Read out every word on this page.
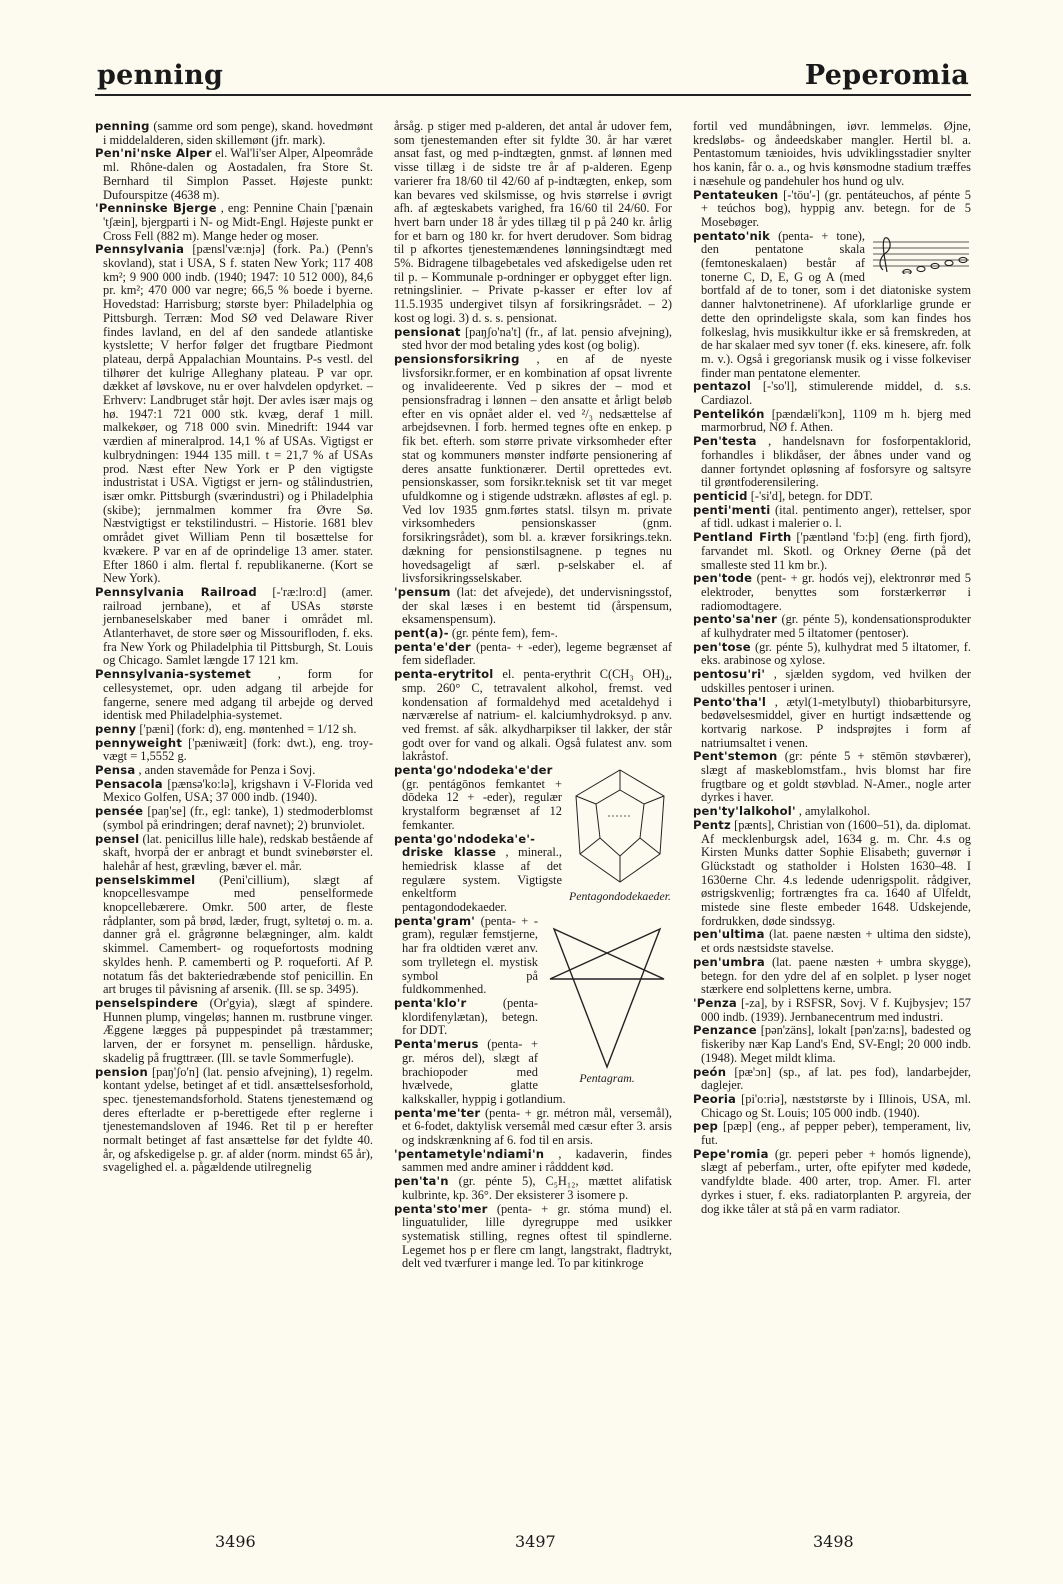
penning	Peperomia

penning (samme ord som penge), skand. hovedmønt i middelalderen, siden skillemønt (jfr. mark).

Pen'ni'nske Alper el. Wal'li'ser Alper, Alpeområde ml. Rhône-dalen og Aostadalen, fra Store St. Bernhard til Simplon Passet. Højeste punkt: Dufourspitze (4638 m).

'Penninske Bjerge , eng: Pennine Chain ['pænain 'tʃæin], bjergparti i N- og Midt-Engl. Højeste punkt er Cross Fell (882 m). Mange heder og moser.

Pennsylvania [pænsl'væ:njə] (fork. Pa.) (Penn's skovland), stat i USA, S f. staten New York; 117 408 km²; 9 900 000 indb. (1940; 1947: 10 512 000), 84,6 pr. km²; 470 000 var negre; 66,5 % boede i byerne. Hovedstad: Harrisburg; største byer: Philadelphia og Pittsburgh. Terræn: Mod SØ ved Delaware River findes lavland, en del af den sandede atlantiske kystslette; V herfor følger det frugtbare Piedmont plateau, derpå Appalachian Mountains. P-s vestl. del tilhører det kulrige Alleghany plateau. P var opr. dækket af løvskove, nu er over halvdelen opdyrket. – Erhverv: Landbruget står højt. Der avles især majs og hø. 1947:1 721 000 stk. kvæg, deraf 1 mill. malkekøer, og 718 000 svin. Minedrift: 1944 var værdien af mineralprod. 14,1 % af USAs. Vigtigst er kulbrydningen: 1944 135 mill. t = 21,7 % af USAs prod. Næst efter New York er P den vigtigste industristat i USA. Vigtigst er jern- og stålindustrien, især omkr. Pittsburgh (sværindustri) og i Philadelphia (skibe); jernmalmen kommer fra Øvre Sø. Næstvigtigst er tekstilindustri. – Historie. 1681 blev området givet William Penn til bosættelse for kvækere. P var en af de oprindelige 13 amer. stater. Efter 1860 i alm. flertal f. republikanerne. (Kort se New York).

Pennsylvania Railroad [-'ræ:lro:d] (amer. railroad jernbane), et af USAs største jernbaneselskaber med baner i området ml. Atlanterhavet, de store søer og Missourifloden, f. eks. fra New York og Philadelphia til Pittsburgh, St. Louis og Chicago. Samlet længde 17 121 km.

Pennsylvania-systemet , form for cellesystemet, opr. uden adgang til arbejde for fangerne, senere med adgang til arbejde og derved identisk med Philadelphia-systemet.

penny ['pæni] (fork: d), eng. møntenhed = 1/12 sh.

pennyweight ['pæniwæit] (fork: dwt.), eng. troy-vægt = 1,5552 g.

Pensa , anden stavemåde for Penza i Sovj.

Pensacola [pænsə'ko:lə], krigshavn i V-Florida ved Mexico Golfen, USA; 37 000 indb. (1940).

pensée [paŋ'se] (fr., egl: tanke), 1) stedmoderblomst (symbol på erindringen; deraf navnet); 2) brunviolet.

pensel (lat. penicillus lille hale), redskab bestående af skaft, hvorpå der er anbragt et bundt svinebørster el. halehår af hest, grævling, bæver el. mår.

penselskimmel (Peni'cillium), slægt af knopcellesvampe med penselformede knopcellebærere. Omkr. 500 arter, de fleste rådplanter, som på brød, læder, frugt, syltetøj o. m. a. danner grå el. grågrønne belægninger, alm. kaldt skimmel. Camembert- og roquefortosts modning skyldes henh. P. camemberti og P. roqueforti. Af P. notatum fås det bakteriedræbende stof penicillin. En art bruges til påvisning af arsenik. (Ill. se sp. 3495).

penselspindere (Or'gyia), slægt af spindere. Hunnen plump, vingeløs; hannen m. rustbrune vinger. Æggene lægges på puppespindet på træstammer; larven, der er forsynet m. pensellign. hårduske, skadelig på frugttræer. (Ill. se tavle Sommerfugle).

pension [paŋ'ʃo'n] (lat. pensio afvejning), 1) regelm. kontant ydelse, betinget af et tidl. ansættelsesforhold, spec. tjenestemandsforhold. Statens tjenestemænd og deres efterladte er p-berettigede efter reglerne i tjenestemandsloven af 1946. Ret til p er herefter normalt betinget af fast ansættelse før det fyldte 40. år, og afskedigelse p. gr. af alder (norm. mindst 65 år), svagelighed el. a. pågældende utilregnelig

årsåg. p stiger med p-alderen, det antal år udover fem, som tjenestemanden efter sit fyldte 30. år har været ansat fast, og med p-indtægten, gnmst. af lønnen med visse tillæg i de sidste tre år af p-alderen. Egenp varierer fra 18/60 til 42/60 af p-indtægten, enkep, som kan bevares ved skilsmisse, og hvis størrelse i øvrigt afh. af ægteskabets varighed, fra 16/60 til 24/60. For hvert barn under 18 år ydes tillæg til p på 240 kr. årlig for et barn og 180 kr. for hvert derudover. Som bidrag til p afkortes tjenestemændenes lønningsindtægt med 5%. Bidragene tilbagebetales ved afskedigelse uden ret til p. – Kommunale p-ordninger er opbygget efter lign. retningslinier. – Private p-kasser er efter lov af 11.5.1935 undergivet tilsyn af forsikringsrådet. – 2) kost og logi. 3) d. s. s. pensionat.

pensionat [paŋʃo'na't] (fr., af lat. pensio afvejning), sted hvor der mod betaling ydes kost (og bolig).

pensionsforsikring , en af de nyeste livsforsikr.former, er en kombination af opsat livrente og invalideerente. Ved p sikres der – mod et pensionsfradrag i lønnen – den ansatte et årligt beløb efter en vis opnået alder el. ved ²/₃ nedsættelse af arbejdsevnen. I forb. hermed tegnes ofte en enkep. p fik bet. efterh. som større private virksomheder efter stat og kommuners mønster indførte pensionering af deres ansatte funktionærer. Dertil oprettedes evt. pensionskasser, som forsikr.teknisk set tit var meget ufuldkomne og i stigende udstrækn. afløstes af egl. p. Ved lov 1935 gnm.førtes statsl. tilsyn m. private virksomheders pensionskasser (gnm. forsikringsrådet), som bl. a. kræver forsikrings.tekn. dækning for pensionstilsagnene. p tegnes nu hovedsageligt af særl. p-selskaber el. af livsforsikringsselskaber.

'pensum (lat: det afvejede), det undervisningsstof, der skal læses i en bestemt tid (årspensum, eksamenspensum).

pent(a)- (gr. pénte fem), fem-.

penta'e'der (penta- + -eder), legeme begrænset af fem sideflader.

penta-erytritol el. penta-erythrit C(CH₃ OH)₄, smp. 260° C, tetravalent alkohol, fremst. ved kondensation af formaldehyd med acetaldehyd i nærværelse af natrium- el. kalciumhydroksyd. p anv. ved fremst. af såk. alkydharpikser til lakker, der står godt over for vand og alkali. Også fulatest anv. som lakråstof.

Pentagondodekaeder.

penta'go'ndodeka'e'der (gr. pentágōnos femkantet + dōdeka 12 + -eder), regulær krystalform begrænset af 12 femkanter.

penta'go'ndodeka'e'-driske klasse , mineral., hemiedrisk klasse af det regulære system. Vigtigste enkeltform pentagondodekaeder.

Pentagram.

penta'gram' (penta- + -gram), regulær femstjerne, har fra oldtiden været anv. som trylletegn el. mystisk symbol på fuldkommenhed.

penta'klo'r	(penta-klordifenylætan), betegn. for DDT.

Penta'merus (penta- + gr. méros del), slægt af brachiopoder med hvælvede, glatte kalkskaller, hyppig i gotlandium.

penta'me'ter (penta- + gr. métron mål, versemål), et 6-fodet, daktylisk versemål med cæsur efter 3. arsis og indskrænkning af 6. fod til en arsis.

'pentametyle'ndiami'n , kadaverin, findes sammen med andre aminer i rådddent kød.

pen'ta'n (gr. pénte 5), C₅H₁₂, mættet alifatisk kulbrinte, kp. 36°. Der eksisterer 3 isomere p.

penta'sto'mer (penta- + gr. stóma mund) el. linguatulider, lille dyregruppe med usikker systematisk stilling, regnes oftest til spindlerne. Legemet hos p er flere cm langt, langstrakt, fladtrykt, delt ved tværfurer i mange led. To par kitinkroge

fortil ved mundåbningen, iøvr. lemmeløs. Øjne, kredsløbs- og åndeedskaber mangler. Hertil bl. a. Pentastomum tænioides, hvis udviklingsstadier snylter hos kanin, får o. a., og hvis kønsmodne stadium træffes i næsehule og pandehuler hos hund og ulv.

Pentateuken [-'töu'-] (gr. pentáteuchos, af pénte 5 + teúchos bog), hyppig anv. betegn. for de 5 Mosebøger.

pentato'nik (penta- + tone), den pentatone skala (femtoneskalaen) består af tonerne C, D, E, G og A (med bortfald af de to toner, som i det diatoniske system danner halvtonetrinene). Af uforklarlige grunde er dette den oprindeligste skala, som kan findes hos folkeslag, hvis musikkultur ikke er så fremskreden, at de har skalaer med syv toner (f. eks. kinesere, afr. folk m. v.). Også i gregoriansk musik og i visse folkeviser finder man pentatone elementer.

pentazol [-'so'l], stimulerende middel, d. s.s. Cardiazol.

Pentelikón [pændæli'kɔn], 1109 m h. bjerg med marmorbrud, NØ f. Athen.

Pen'testa , handelsnavn for fosforpentaklorid, forhandles i blikdåser, der åbnes under vand og danner fortyndet opløsning af fosforsyre og saltsyre til grøntfoderensilering.

penticid [-'si'd], betegn. for DDT.

penti'menti (ital. pentimento anger), rettelser, spor af tidl. udkast i malerier o. l.

Pentland Firth ['pæntlənd 'fɔ:þ] (eng. firth fjord), farvandet ml. Skotl. og Orkney Øerne (på det smalleste sted 11 km br.).

pen'tode (pent- + gr. hodós vej), elektronrør med 5 elektroder, benyttes som forstærkerrør i radiomodtagere.

pento'sa'ner (gr. pénte 5), kondensationsprodukter af kulhydrater med 5 iltatomer (pentoser).

pen'tose (gr. pénte 5), kulhydrat med 5 iltatomer, f. eks. arabinose og xylose.

pentosu'ri' , sjælden sygdom, ved hvilken der udskilles pentoser i urinen.

Pento'tha'l , ætyl(1-metylbutyl) thiobarbitursyre, bedøvelsesmiddel, giver en hurtigt indsættende og kortvarig narkose. P indsprøjtes i form af natriumsaltet i venen.

Pent'stemon (gr: pénte 5 + stēmōn støvbærer), slægt af maskeblomstfam., hvis blomst har fire frugtbare og et goldt støvblad. N-Amer., nogle arter dyrkes i haver.

pen'ty'lalkohol' , amylalkohol.

Pentz [pænts], Christian von (1600–51), da. diplomat. Af mecklenburgsk adel, 1634 g. m. Chr. 4.s og Kirsten Munks datter Sophie Elisabeth; guvernør i Glückstadt og statholder i Holsten 1630–48. I 1630erne Chr. 4.s ledende udenrigspolit. rådgiver, østrigskvenlig; fortrængtes fra ca. 1640 af Ulfeldt, mistede sine fleste embeder 1648. Udskejende, fordrukken, døde sindssyg.

pen'ultima (lat. paene næsten + ultima den sidste), et ords næstsidste stavelse.

pen'umbra (lat. paene næsten + umbra skygge), betegn. for den ydre del af en solplet. p lyser noget stærkere end solplettens kerne, umbra.

'Penza [-za], by i RSFSR, Sovj. V f. Kujbysjev; 157 000 indb. (1939). Jernbanecentrum med industri.

Penzance [pən'zäns], lokalt [pən'za:ns], badested og fiskeriby nær Kap Land's End, SV-Engl; 20 000 indb. (1948). Meget mildt klima.

peón [pæ'ɔn] (sp., af lat. pes fod), landarbejder, daglejer.

Peoria [pi'o:riə], næststørste by i Illinois, USA, ml. Chicago og St. Louis; 105 000 indb. (1940).

pep [pæp] (eng., af pepper peber), temperament, liv, fut.

Pepe'romia (gr. peperi peber + homós lignende), slægt af peberfam., urter, ofte epifyter med kødede, vandfyldte blade. 400 arter, trop. Amer. Fl. arter dyrkes i stuer, f. eks. radiatorplanten P. argyreia, der dog ikke tåler at stå på en varm radiator.

3496	3497	3498
